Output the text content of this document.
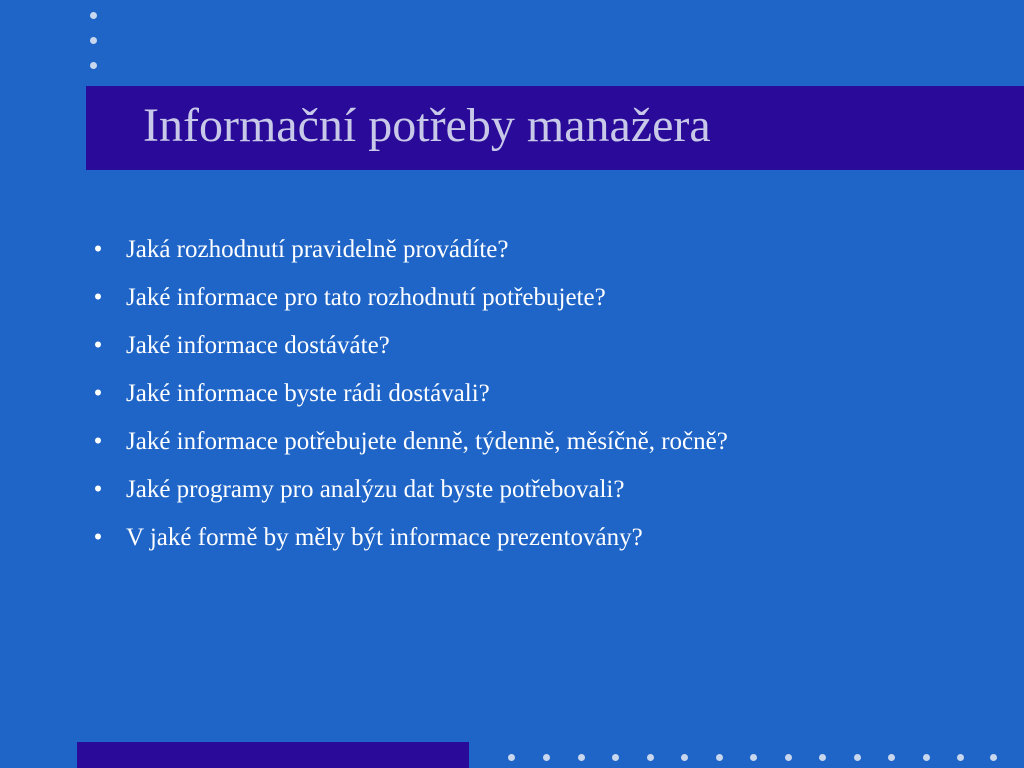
Informační potřeby manažera
• Jaká rozhodnutí pravidelně provádíte?
• Jaké informace pro tato rozhodnutí potřebujete?
• Jaké informace dostáváte?
• Jaké informace byste rádi dostávali?
• Jaké informace potřebujete denně, týdenně, měsíčně, ročně?
• Jaké programy pro analýzu dat byste potřebovali?
• V jaké formě by měly být informace prezentovány?
